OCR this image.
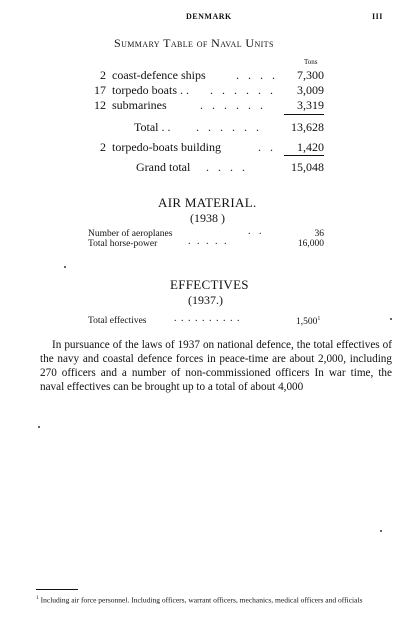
DENMARK	III
Summary Table of Naval Units
Tons
2 coast-defence ships	. . . .	7,300
17 torpedo boats . . . . . . . .	3,009
12 submarines	. . . . . .	3,319
Total . . . . . . . .	13,628
2 torpedo-boats building	. .	1,420
Grand total . . . .	15,048
AIR MATERIAL.
(1938 )
Number of aeroplanes	. .	36
Total horse-power	. . . . .	16,000
EFFECTIVES
(1937.)
Total effectives	. . . . . . . . . .	1,500$^1$
In pursuance of the laws of 1937 on national defence, the total effectives of the navy and coastal defence forces in peace-time are about 2,000, including 270 officers and a number of non-commissioned officers In war time, the naval effectives can be brought up to a total of about 4,000
$^1$ Including air force personnel. Including officers, warrant officers, mechanics, medical officers and officials
